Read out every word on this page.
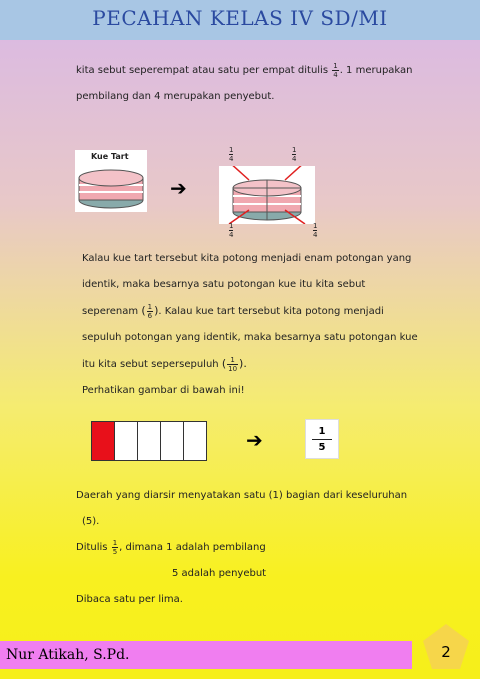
PECAHAN KELAS IV SD/MI
kita sebut seperempat atau satu per empat ditulis $\frac{1}{4}$ . 1 merupakan
pembilang dan 4 merupakan penyebut.
Kue Tart
➔
1
4
1
4
1
4
1
4
Kalau kue tart tersebut kita potong menjadi enam potongan yang
identik, maka besarnya satu potongan kue itu kita sebut
seperenam ( $\frac{1}{6}$ ). Kalau kue tart tersebut kita potong menjadi
sepuluh potongan yang identik, maka besarnya satu potongan kue
itu kita sebut sepersepuluh ( $\frac{1}{10}$ ).
Perhatikan gambar di bawah ini!
➔	$\frac{1}{5}$
Daerah yang diarsir menyatakan satu (1) bagian dari keseluruhan
(5).
Ditulis $\frac{1}{5}$ , dimana 1 adalah pembilang
5 adalah penyebut
Dibaca satu per lima.
Nur Atikah, S.Pd.	2
